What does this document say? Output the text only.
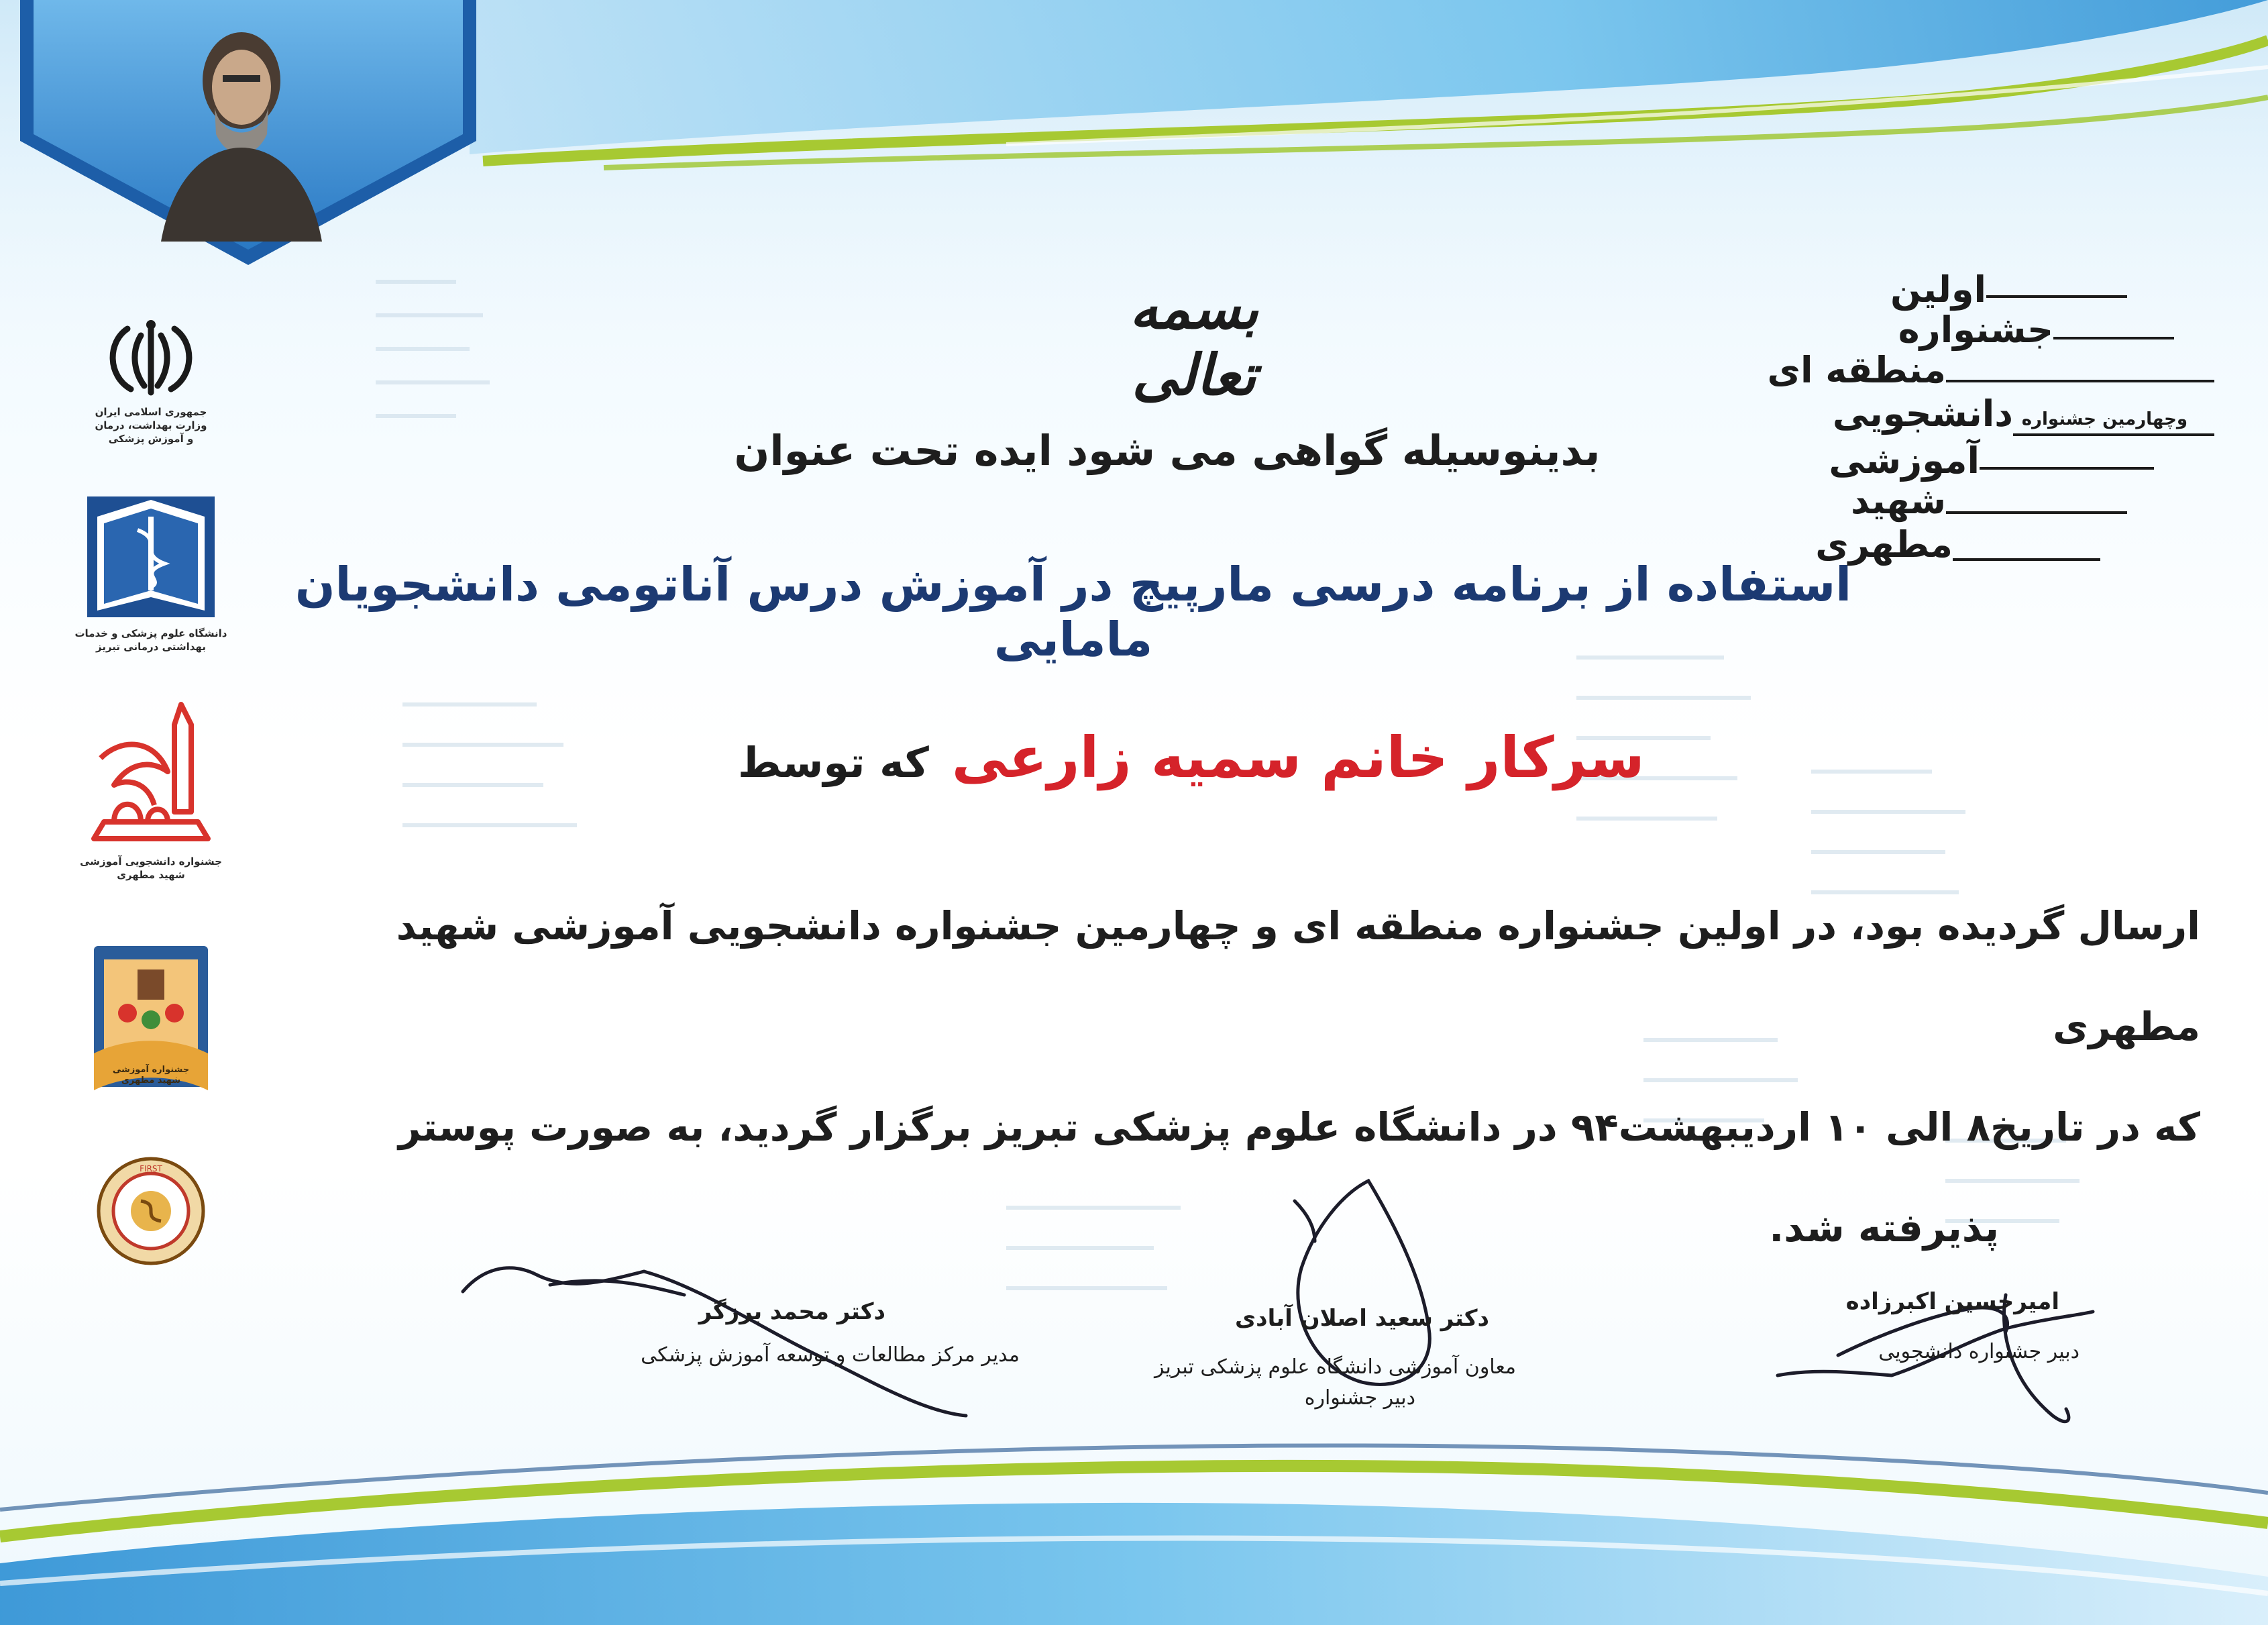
جمهوری اسلامی ایران
وزارت بهداشت، درمان
و آموزش پزشکی
دانشگاه علوم پزشکی و خدمات
بهداشتی درمانی تبریز
جشنواره دانشجویی آموزشی
شهید مطهری
جشنواره آموزشی
شهید مطهری
FIRST
بسمه تعالی
بدینوسیله گواهی می شود ایده تحت عنوان
استفاده از برنامه درسی مارپیچ در آموزش درس آناتومی دانشجویان مامایی
که توسط سرکار خانم سمیه زارعی
ارسال گردیده بود، در اولین جشنواره منطقه ای و چهارمین جشنواره دانشجویی آموزشی شهید مطهری
که در تاریخ۸ الی ۱۰ اردیبهشت۹۴ در دانشگاه علوم پزشکی تبریز برگزار گردید، به صورت پوستر
پذیرفته شد.
اولین
جشنواره
منطقه ای
دانشجویی وچهارمین جشنواره
آموزشی
شهید
مطهری
دکتر محمد برزگر
مدیر مرکز مطالعات و توسعه آموزش پزشکی
دکتر سعید اصلان آبادی
معاون آموزشی دانشگاه علوم پزشکی تبریز
دبیر جشنواره
امیرحسین اکبرزاده
دبیر جشنواره دانشجویی
